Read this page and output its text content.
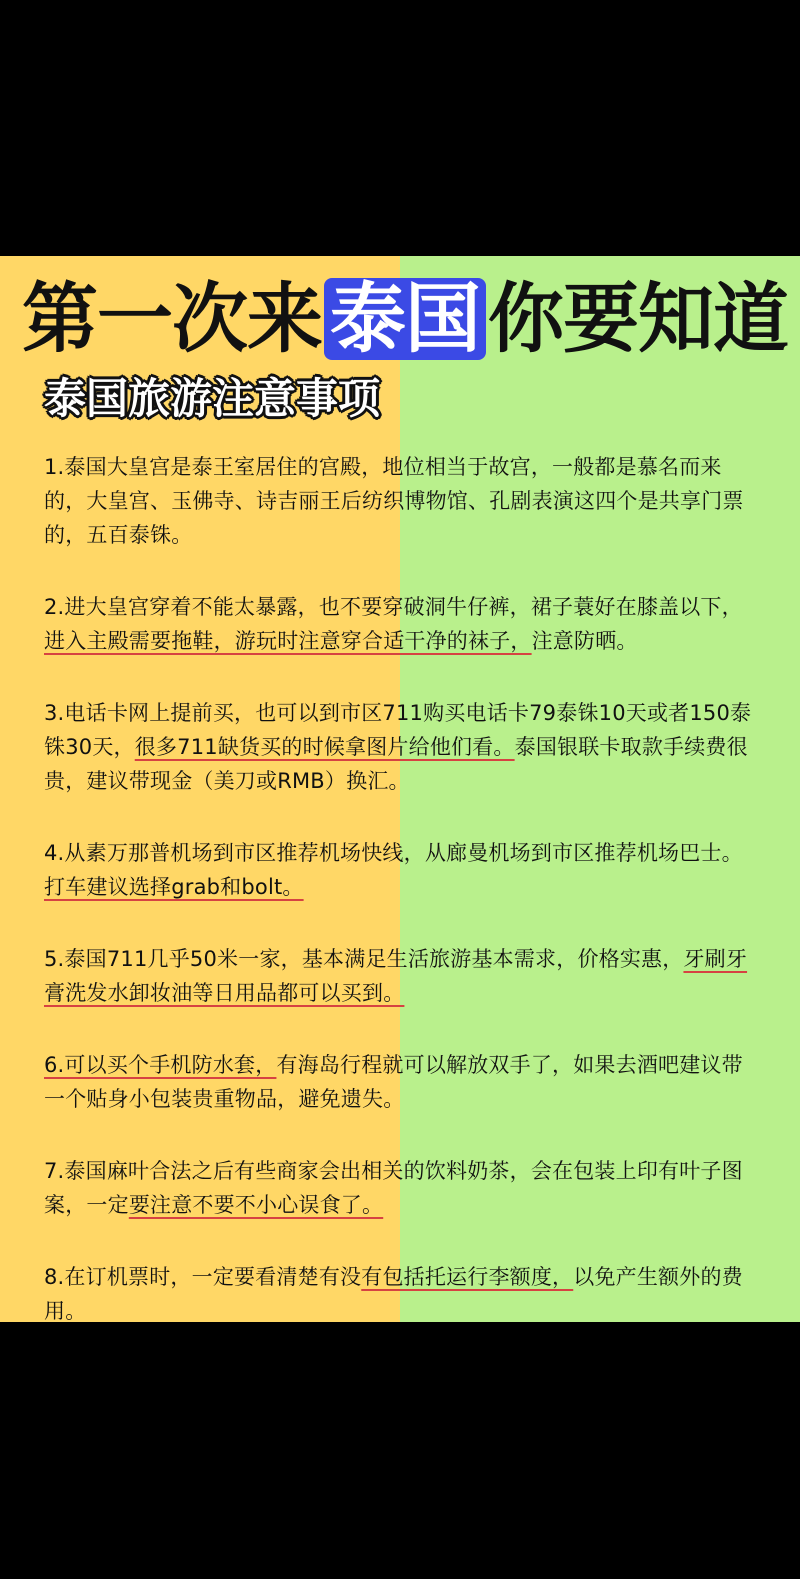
第一次来 泰国 你要知道
泰国旅游注意事项
1.泰国大皇宫是泰王室居住的宫殿，地位相当于故宫，一般都是慕名而来的，大皇宫、玉佛寺、诗吉丽王后纺织博物馆、孔剧表演这四个是共享门票的，五百泰铢。
2.进大皇宫穿着不能太暴露，也不要穿破洞牛仔裤，裙子蓑好在膝盖以下，进入主殿需要拖鞋，游玩时注意穿合适干净的袜子，注意防晒。
3.电话卡网上提前买，也可以到市区711购买电话卡79泰铢10天或者150泰铢30天，很多711缺货买的时候拿图片给他们看。泰国银联卡取款手续费很贵，建议带现金（美刀或RMB）换汇。
4.从素万那普机场到市区推荐机场快线，从廊曼机场到市区推荐机场巴士。打车建议选择grab和bolt。
5.泰国711几乎50米一家，基本满足生活旅游基本需求，价格实惠，牙刷牙膏洗发水卸妆油等日用品都可以买到。
6.可以买个手机防水套，有海岛行程就可以解放双手了，如果去酒吧建议带一个贴身小包装贵重物品，避免遗失。
7.泰国麻叶合法之后有些商家会出相关的饮料奶茶，会在包装上印有叶子图案，一定要注意不要不小心误食了。
8.在订机票时，一定要看清楚有没有包括托运行李额度，以免产生额外的费用。
